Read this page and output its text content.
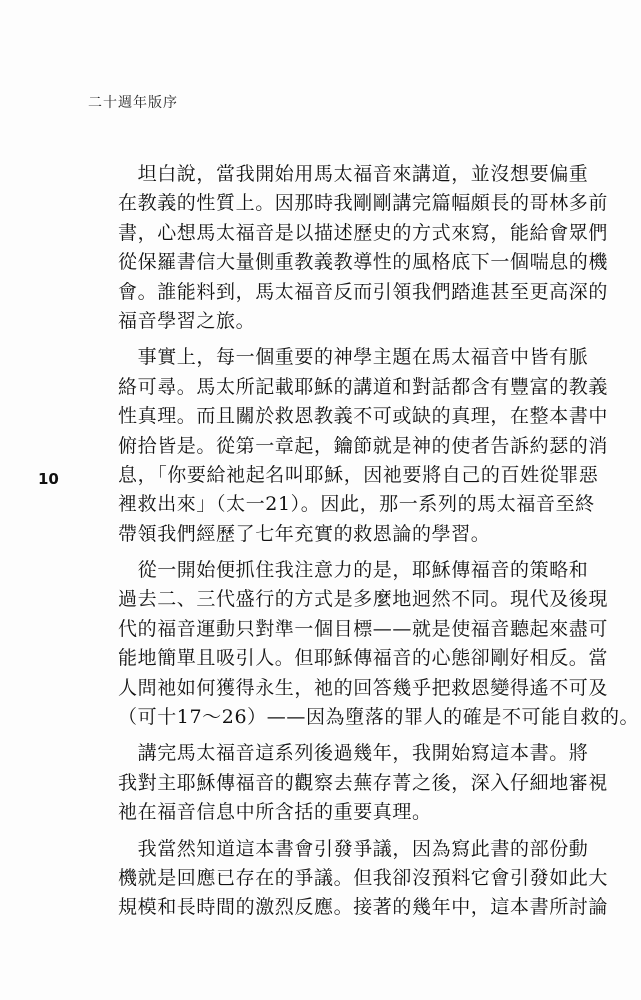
二十週年版序
10
　坦白說，當我開始用馬太福音來講道，並沒想要偏重
在教義的性質上。因那時我剛剛講完篇幅頗長的哥林多前
書，心想馬太福音是以描述歷史的方式來寫，能給會眾們
從保羅書信大量側重教義教導性的風格底下一個喘息的機
會。誰能料到，馬太福音反而引領我們踏進甚至更高深的
福音學習之旅。
　事實上，每一個重要的神學主題在馬太福音中皆有脈
絡可尋。馬太所記載耶穌的講道和對話都含有豐富的教義
性真理。而且關於救恩教義不可或缺的真理，在整本書中
俯拾皆是。從第一章起，鑰節就是神的使者告訴約瑟的消
息，「你要給祂起名叫耶穌，因祂要將自己的百姓從罪惡
裡救出來」（太一21）。因此，那一系列的馬太福音至終
帶領我們經歷了七年充實的救恩論的學習。
　從一開始便抓住我注意力的是，耶穌傳福音的策略和
過去二、三代盛行的方式是多麼地迥然不同。現代及後現
代的福音運動只對準一個目標——就是使福音聽起來盡可
能地簡單且吸引人。但耶穌傳福音的心態卻剛好相反。當
人問祂如何獲得永生，祂的回答幾乎把救恩變得遙不可及
（可十17～26）——因為墮落的罪人的確是不可能自救的。
　講完馬太福音這系列後過幾年，我開始寫這本書。將
我對主耶穌傳福音的觀察去蕪存菁之後，深入仔細地審視
祂在福音信息中所含括的重要真理。
　我當然知道這本書會引發爭議，因為寫此書的部份動
機就是回應已存在的爭議。但我卻沒預料它會引發如此大
規模和長時間的激烈反應。接著的幾年中，這本書所討論
